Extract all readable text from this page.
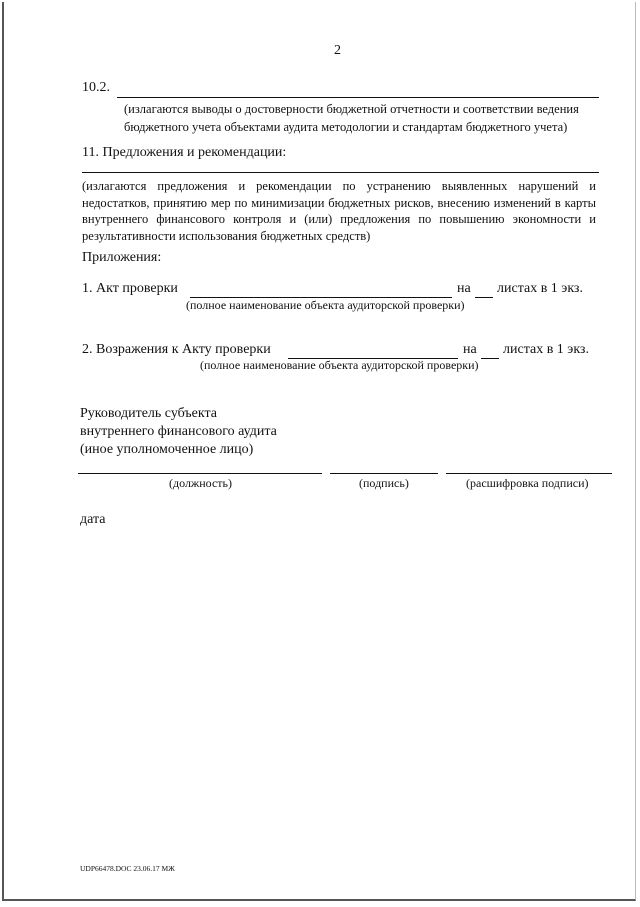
2
10.2.
(излагаются выводы о достоверности бюджетной отчетности и соответствии ведения
бюджетного учета объектами аудита методологии и стандартам бюджетного учета)
11. Предложения и рекомендации:
(излагаются предложения и рекомендации по устранению выявленных нарушений и недостатков, принятию мер по минимизации бюджетных рисков, внесению изменений в карты внутреннего финансового контроля и (или) предложения по повышению экономности и результативности использования бюджетных средств)
Приложения:
1. Акт проверки	на листах в 1 экз.
(полное наименование объекта аудиторской проверки)
2. Возражения к Акту проверки	на листах в 1 экз.
(полное наименование объекта аудиторской проверки)
Руководитель субъекта
внутреннего финансового аудита
(иное уполномоченное лицо)
(должность)	(подпись)	(расшифровка подписи)
дата
UDP66478.DOC 23.06.17 МЖ
